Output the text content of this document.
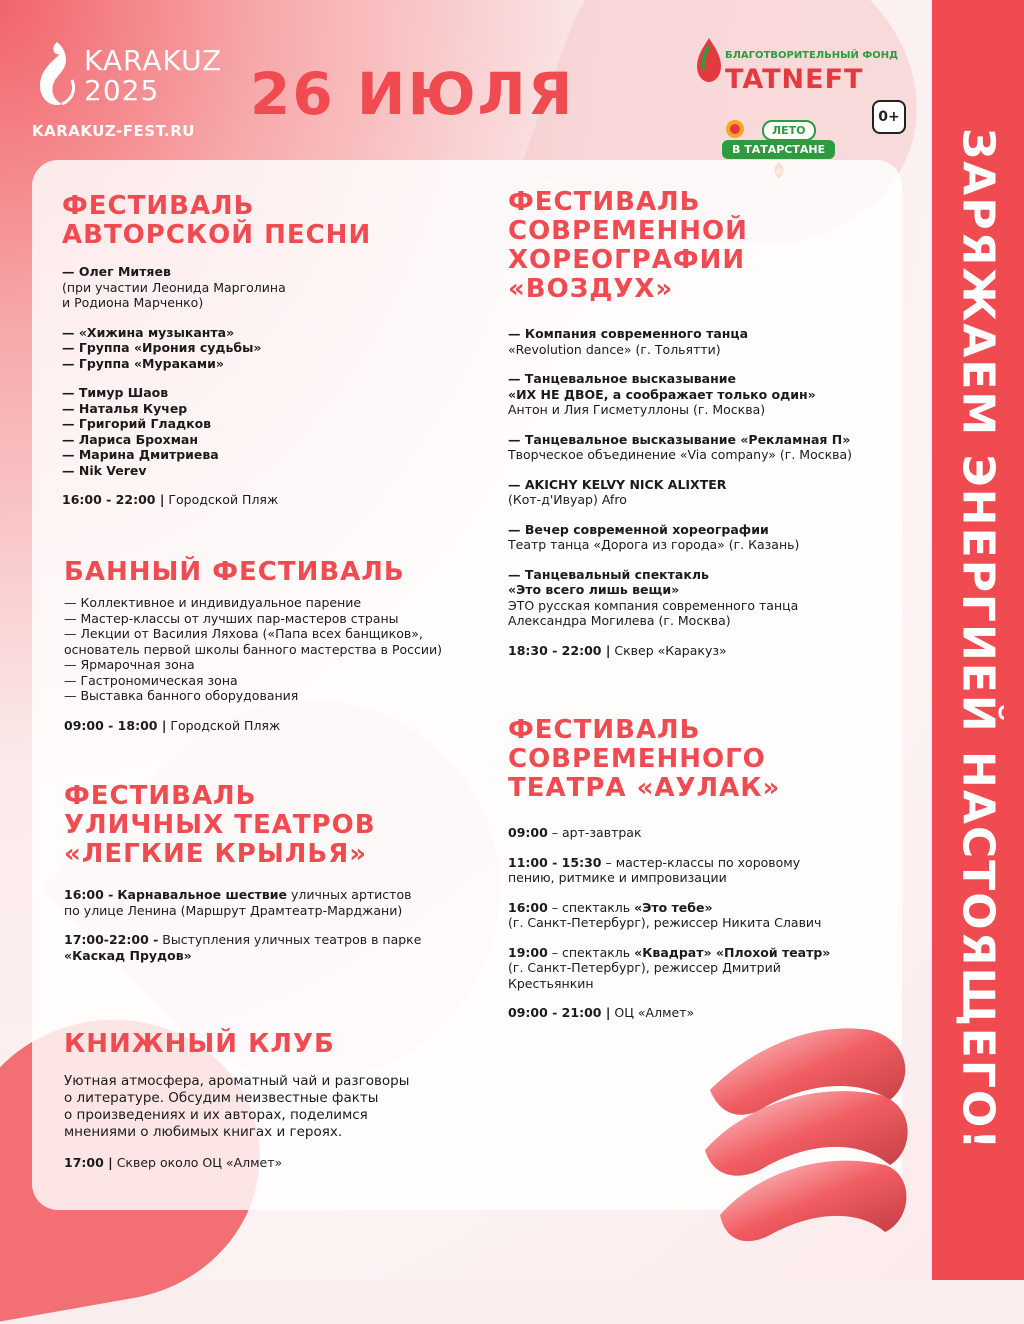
ЗАРЯЖАЕМ ЭНЕРГИЕЙ НАСТОЯЩЕГО!
KARAKUZ
2025
KARAKUZ-FEST.RU
26 ИЮЛЯ
БЛАГОТВОРИТЕЛЬНЫЙ ФОНД
TATNEFT
0+
ЛЕТО
В ТАТАРСТАНЕ
ФЕСТИВАЛЬ
АВТОРСКОЙ ПЕСНИ

— Олег Митяев

(при участии Леонида Марголина

и Родиона Марченко)

— «Хижина музыканта»

— Группа «Ирония судьбы»

— Группа «Мураками»

— Тимур Шаов

— Наталья Кучер

— Григорий Гладков

— Лариса Брохман

— Марина Дмитриева

— Nik Verev

16:00 - 22:00 | Городской Пляж
БАННЫЙ ФЕСТИВАЛЬ

— Коллективное и индивидуальное парение

— Мастер-классы от лучших пар-мастеров страны

— Лекции от Василия Ляхова («Папа всех банщиков»,

основатель первой школы банного мастерства в России)

— Ярмарочная зона

— Гастрономическая зона

— Выставка банного оборудования

09:00 - 18:00 | Городской Пляж
ФЕСТИВАЛЬ
УЛИЧНЫХ ТЕАТРОВ
«ЛЕГКИЕ КРЫЛЬЯ»
16:00 - Карнавальное шествие уличных артистов

по улице Ленина (Маршрут Драмтеатр-Марджани)

17:00-22:00 - Выступления уличных театров в парке

«Каскад Прудов»

КНИЖНЫЙ КЛУБ

Уютная атмосфера, ароматный чай и разговоры

о литературе. Обсудим неизвестные факты

о произведениях и их авторах, поделимся

мнениями о любимых книгах и героях.

17:00 | Сквер около ОЦ «Алмет»
ФЕСТИВАЛЬ
СОВРЕМЕННОЙ
ХОРЕОГРАФИИ
«ВОЗДУХ»

— Компания современного танца

«Revolution dance» (г. Тольятти)

— Танцевальное высказывание

«ИХ НЕ ДВОЕ, а соображает только один»

Антон и Лия Гисметуллоны (г. Москва)

— Танцевальное высказывание «Рекламная П»

Творческое объединение «Via company» (г. Москва)

— AKICHY KELVY NICK ALIXTER

(Кот-д'Ивуар) Afro

— Вечер современной хореографии

Театр танца «Дорога из города» (г. Казань)

— Танцевальный спектакль

«Это всего лишь вещи»

ЭТО русская компания современного танца

Александра Могилева (г. Москва)

18:30 - 22:00 | Сквер «Каракуз»
ФЕСТИВАЛЬ
СОВРЕМЕННОГО
ТЕАТРА «АУЛАК»
09:00 – арт-завтрак
11:00 - 15:30 – мастер-классы по хоровому

пению, ритмике и импровизации

16:00 – спектакль «Это тебе»

(г. Санкт-Петербург), режиссер Никита Славич

19:00 – спектакль «Квадрат» «Плохой театр»

(г. Санкт-Петербург), режиссер Дмитрий

Крестьянкин

09:00 - 21:00 | ОЦ «Алмет»
